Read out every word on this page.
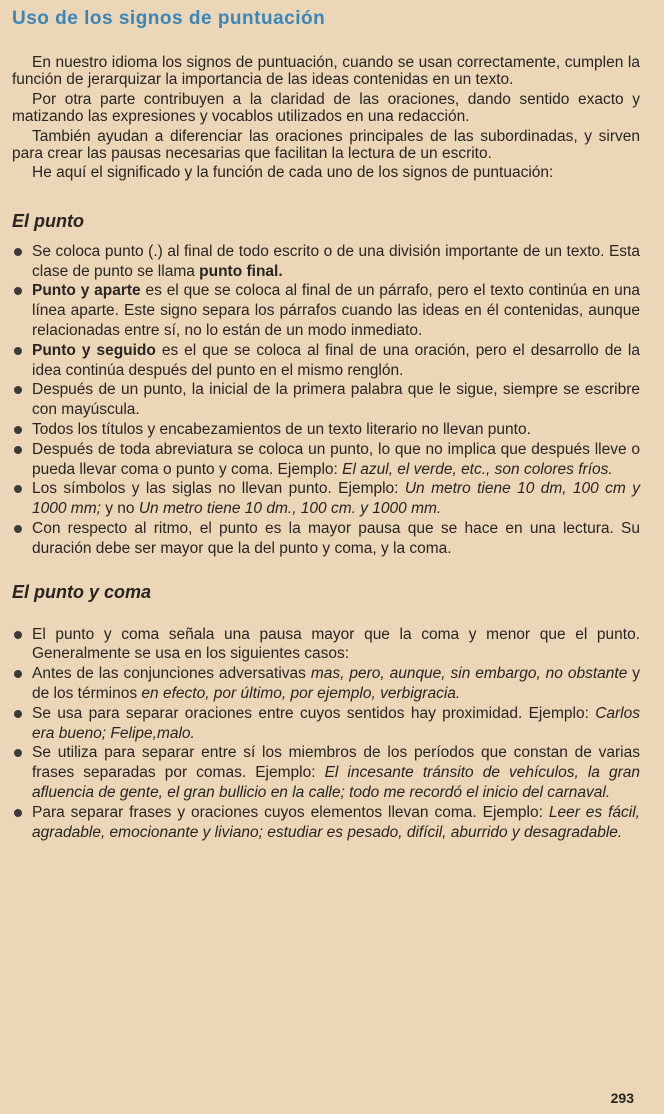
Uso de los signos de puntuación

En nuestro idioma los signos de puntuación, cuando se usan correctamente, cumplen la función de jerarquizar la importancia de las ideas contenidas en un texto.

Por otra parte contribuyen a la claridad de las oraciones, dando sentido exacto y matizando las expresiones y vocablos utilizados en una redacción.

También ayudan a diferenciar las oraciones principales de las subordinadas, y sirven para crear las pausas necesarias que facilitan la lectura de un escrito.

He aquí el significado y la función de cada uno de los signos de puntuación:

El punto
Se coloca punto (.) al final de todo escrito o de una división importante de un texto. Esta clase de punto se llama punto final.
Punto y aparte es el que se coloca al final de un párrafo, pero el texto continúa en una línea aparte. Este signo separa los párrafos cuando las ideas en él contenidas, aunque relacionadas entre sí, no lo están de un modo inmediato.
Punto y seguido es el que se coloca al final de una oración, pero el desarrollo de la idea continúa después del punto en el mismo renglón.
Después de un punto, la inicial de la primera palabra que le sigue, siempre se escribre con mayúscula.
Todos los títulos y encabezamientos de un texto literario no llevan punto.
Después de toda abreviatura se coloca un punto, lo que no implica que después lleve o pueda llevar coma o punto y coma. Ejemplo: El azul, el verde, etc., son colores fríos.
Los símbolos y las siglas no llevan punto. Ejemplo: Un metro tiene 10 dm, 100 cm y 1000 mm; y no Un metro tiene 10 dm., 100 cm. y 1000 mm.
Con respecto al ritmo, el punto es la mayor pausa que se hace en una lectura. Su duración debe ser mayor que la del punto y coma, y la coma.
El punto y coma
El punto y coma señala una pausa mayor que la coma y menor que el punto. Generalmente se usa en los siguientes casos:
Antes de las conjunciones adversativas mas, pero, aunque, sin embargo, no obstante y de los términos en efecto, por último, por ejemplo, verbigracia.
Se usa para separar oraciones entre cuyos sentidos hay proximidad. Ejemplo: Carlos era bueno; Felipe,malo.
Se utiliza para separar entre sí los miembros de los períodos que constan de varias frases separadas por comas. Ejemplo: El incesante tránsito de vehículos, la gran afluencia de gente, el gran bullicio en la calle; todo me recordó el inicio del carnaval.
Para separar frases y oraciones cuyos elementos llevan coma. Ejemplo: Leer es fácil, agradable, emocionante y liviano; estudiar es pesado, difícil, aburrido y desagradable.
293
